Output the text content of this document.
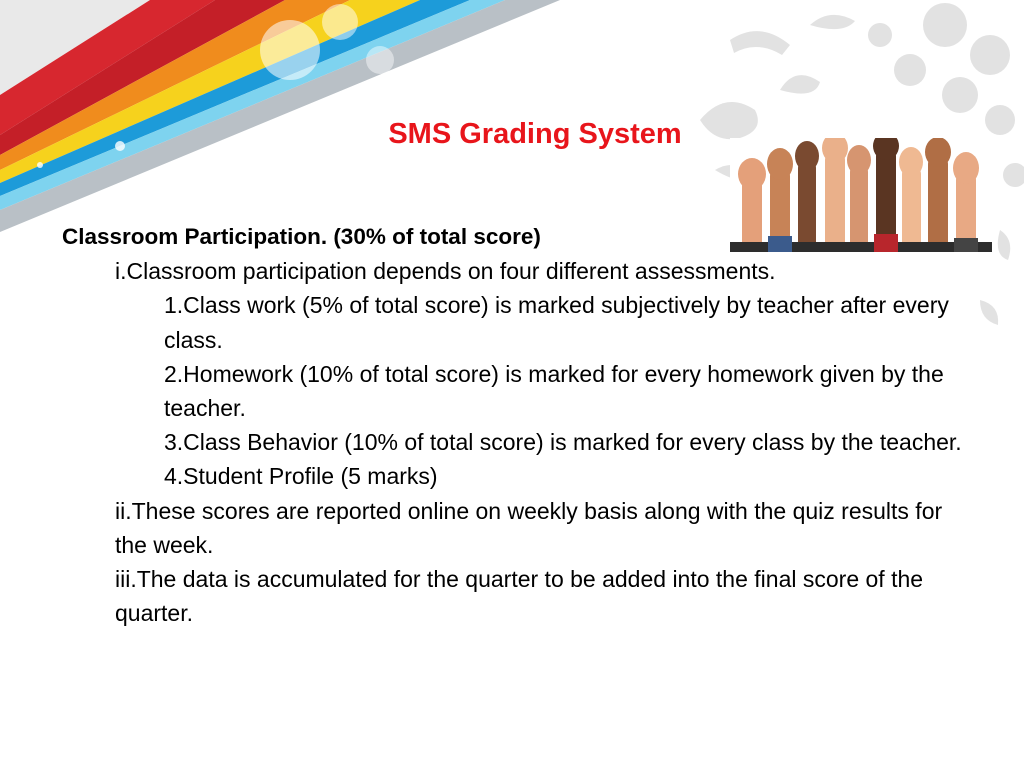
SMS Grading System

Classroom Participation. (30% of total score)

i.Classroom participation depends on four different assessments.

1.Class work (5% of total score) is marked subjectively by teacher after every class.

2.Homework (10% of total score) is marked for every homework given by the teacher.

3.Class Behavior (10% of total score) is marked for every class by the teacher.

4.Student Profile (5 marks)

ii.These scores are reported online on weekly basis along with the quiz results for the week.

iii.The data is accumulated for the quarter to be added into the final score of the quarter.
